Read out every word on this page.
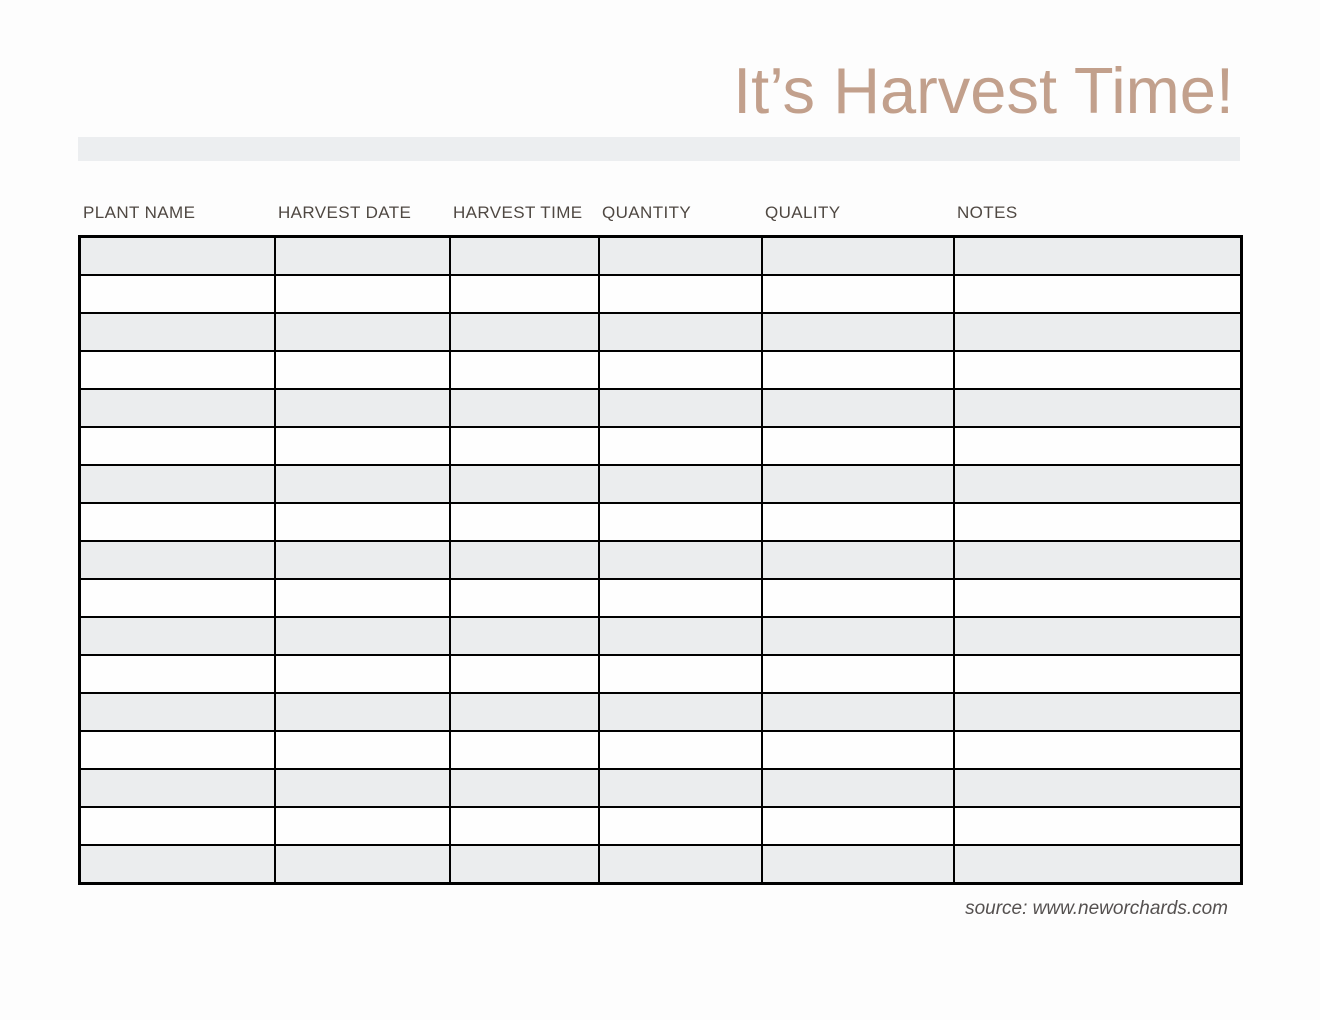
It’s Harvest Time!
PLANT NAME	HARVEST DATE	HARVEST TIME	QUANTITY	QUALITY	NOTES

source: www.neworchards.com
